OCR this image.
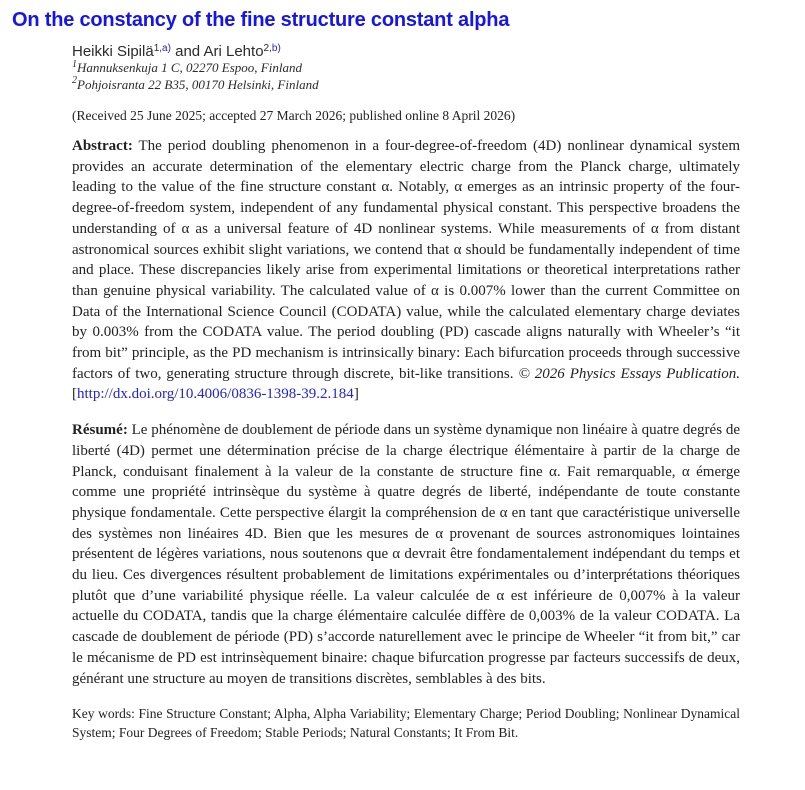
On the constancy of the fine structure constant alpha
Heikki Sipilä$^{1,a)}$ and Ari Lehto$^{2,b)}$
$^1$Hannuksenkuja 1 C, 02270 Espoo, Finland
$^2$Pohjoisranta 22 B35, 00170 Helsinki, Finland
(Received 25 June 2025; accepted 27 March 2026; published online 8 April 2026)

Abstract: The period doubling phenomenon in a four-degree-of-freedom (4D) nonlinear dynamical system provides an accurate determination of the elementary electric charge from the Planck charge, ultimately leading to the value of the fine structure constant α. Notably, α emerges as an intrinsic property of the four-degree-of-freedom system, independent of any fundamental physical constant. This perspective broadens the understanding of α as a universal feature of 4D nonlinear systems. While measurements of α from distant astronomical sources exhibit slight variations, we contend that α should be fundamentally independent of time and place. These discrepancies likely arise from experimental limitations or theoretical interpretations rather than genuine physical variability. The calculated value of α is 0.007% lower than the current Committee on Data of the International Science Council (CODATA) value, while the calculated elementary charge deviates by 0.003% from the CODATA value. The period doubling (PD) cascade aligns naturally with Wheeler’s “it from bit” principle, as the PD mechanism is intrinsically binary: Each bifurcation proceeds through successive factors of two, generating structure through discrete, bit-like transitions. © 2026 Physics Essays Publication. [http://dx.doi.org/10.4006/0836-1398-39.2.184]

Résumé: Le phénomène de doublement de période dans un système dynamique non linéaire à quatre degrés de liberté (4D) permet une détermination précise de la charge électrique élémentaire à partir de la charge de Planck, conduisant finalement à la valeur de la constante de structure fine α. Fait remarquable, α émerge comme une propriété intrinsèque du système à quatre degrés de liberté, indépendante de toute constante physique fondamentale. Cette perspective élargit la compréhension de α en tant que caractéristique universelle des systèmes non linéaires 4D. Bien que les mesures de α provenant de sources astronomiques lointaines présentent de légères variations, nous soutenons que α devrait être fondamentalement indépendant du temps et du lieu. Ces divergences résultent probablement de limitations expérimentales ou d’interprétations théoriques plutôt que d’une variabilité physique réelle. La valeur calculée de α est inférieure de 0,007% à la valeur actuelle du CODATA, tandis que la charge élémentaire calculée diffère de 0,003% de la valeur CODATA. La cascade de doublement de période (PD) s’accorde naturellement avec le principe de Wheeler “it from bit,” car le mécanisme de PD est intrinsèquement binaire: chaque bifurcation progresse par facteurs successifs de deux, générant une structure au moyen de transitions discrètes, semblables à des bits.

Key words: Fine Structure Constant; Alpha, Alpha Variability; Elementary Charge; Period Doubling; Nonlinear Dynamical System; Four Degrees of Freedom; Stable Periods; Natural Constants; It From Bit.
